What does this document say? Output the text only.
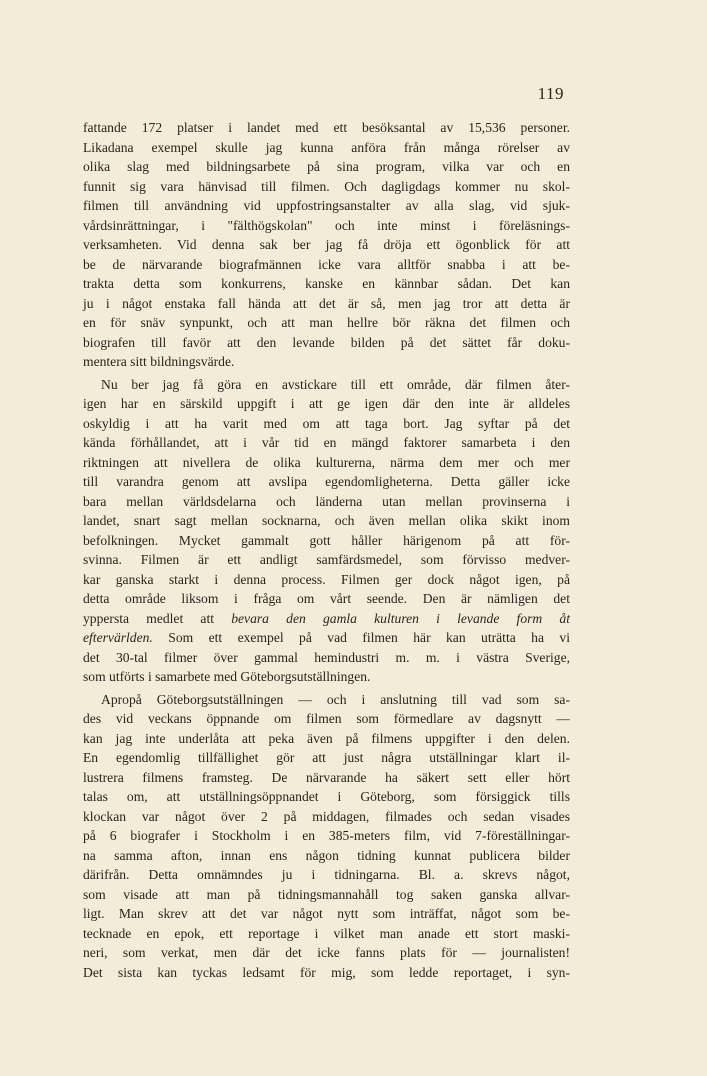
119
fattande 172 platser i landet med ett besöksantal av 15,536 personer.
Likadana exempel skulle jag kunna anföra från många rörelser av
olika slag med bildningsarbete på sina program, vilka var och en
funnit sig vara hänvisad till filmen. Och dagligdags kommer nu skol-
filmen till användning vid uppfostringsanstalter av alla slag, vid sjuk-
vårdsinrättningar, i "fälthögskolan" och inte minst i föreläsnings-
verksamheten. Vid denna sak ber jag få dröja ett ögonblick för att
be de närvarande biografmännen icke vara alltför snabba i att be-
trakta detta som konkurrens, kanske en kännbar sådan. Det kan
ju i något enstaka fall hända att det är så, men jag tror att detta är
en för snäv synpunkt, och att man hellre bör räkna det filmen och
biografen till favör att den levande bilden på det sättet får doku-
mentera sitt bildningsvärde.
Nu ber jag få göra en avstickare till ett område, där filmen åter-
igen har en särskild uppgift i att ge igen där den inte är alldeles
oskyldig i att ha varit med om att taga bort. Jag syftar på det
kända förhållandet, att i vår tid en mängd faktorer samarbeta i den
riktningen att nivellera de olika kulturerna, närma dem mer och mer
till varandra genom att avslipa egendomligheterna. Detta gäller icke
bara mellan världsdelarna och länderna utan mellan provinserna i
landet, snart sagt mellan socknarna, och även mellan olika skikt inom
befolkningen. Mycket gammalt gott håller härigenom på att för-
svinna. Filmen är ett andligt samfärdsmedel, som förvisso medver-
kar ganska starkt i denna process. Filmen ger dock något igen, på
detta område liksom i fråga om vårt seende. Den är nämligen det
yppersta medlet att bevara den gamla kulturen i levande form åt
eftervärlden. Som ett exempel på vad filmen här kan uträtta ha vi
det 30-tal filmer över gammal hemindustri m. m. i västra Sverige,
som utförts i samarbete med Göteborgsutställningen.
Apropå Göteborgsutställningen — och i anslutning till vad som sa-
des vid veckans öppnande om filmen som förmedlare av dagsnytt —
kan jag inte underlåta att peka även på filmens uppgifter i den delen.
En egendomlig tillfällighet gör att just några utställningar klart il-
lustrera filmens framsteg. De närvarande ha säkert sett eller hört
talas om, att utställningsöppnandet i Göteborg, som försiggick tills
klockan var något över 2 på middagen, filmades och sedan visades
på 6 biografer i Stockholm i en 385-meters film, vid 7-föreställningar-
na samma afton, innan ens någon tidning kunnat publicera bilder
därifrån. Detta omnämndes ju i tidningarna. Bl. a. skrevs något,
som visade att man på tidningsmannahåll tog saken ganska allvar-
ligt. Man skrev att det var något nytt som inträffat, något som be-
tecknade en epok, ett reportage i vilket man anade ett stort maski-
neri, som verkat, men där det icke fanns plats för — journalisten!
Det sista kan tyckas ledsamt för mig, som ledde reportaget, i syn-
